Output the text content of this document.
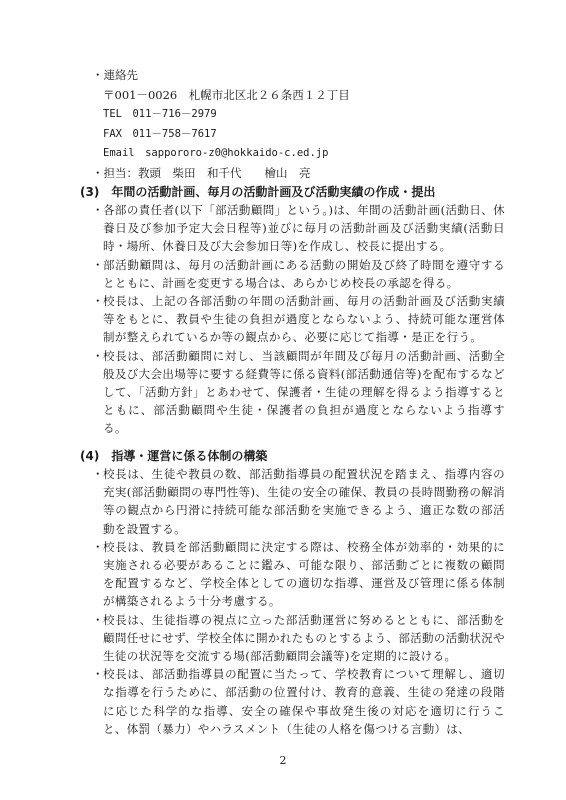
・連絡先
〒001－0026　札幌市北区北２６条西１２丁目
TEL　011－716－2979
FAX　011－758－7617
Email　sappororo-z0@hokkaido-c.ed.jp
・担当：教頭　柴田　和千代　　檜山　亮
(3)　年間の活動計画、毎月の活動計画及び活動実績の作成・提出
・ 各部の責任者(以下「部活動顧問」という。)は、年間の活動計画(活動日、休養日及び参加予定大会日程等)並びに毎月の活動計画及び活動実績(活動日時・場所、休養日及び大会参加日等)を作成し、校長に提出する。
・ 部活動顧問は、毎月の活動計画にある活動の開始及び終了時間を遵守するとともに、計画を変更する場合は、あらかじめ校長の承認を得る。
・ 校長は、上記の各部活動の年間の活動計画、毎月の活動計画及び活動実績等をもとに、教員や生徒の負担が過度とならないよう、持続可能な運営体制が整えられているか等の観点から、必要に応じて指導・是正を行う。
・ 校長は、部活動顧問に対し、当該顧問が年間及び毎月の活動計画、活動全般及び大会出場等に要する経費等に係る資料(部活動通信等)を配布するなどして、「活動方針」とあわせて、保護者・生徒の理解を得るよう指導するとともに、部活動顧問や生徒・保護者の負担が過度とならないよう指導する。
(4)　指導・運営に係る体制の構築
・ 校長は、生徒や教員の数、部活動指導員の配置状況を踏まえ、指導内容の充実(部活動顧問の専門性等)、生徒の安全の確保、教員の長時間勤務の解消等の観点から円滑に持続可能な部活動を実施できるよう、適正な数の部活動を設置する。
・ 校長は、教員を部活動顧問に決定する際は、校務全体が効率的・効果的に実施される必要があることに鑑み、可能な限り、部活動ごとに複数の顧問を配置するなど、学校全体としての適切な指導、運営及び管理に係る体制が構築されるよう十分考慮する。
・ 校長は、生徒指導の視点に立った部活動運営に努めるとともに、部活動を顧問任せにせず、学校全体に開かれたものとするよう、部活動の活動状況や生徒の状況等を交流する場(部活動顧問会議等)を定期的に設ける。
・ 校長は、部活動指導員の配置に当たって、学校教育について理解し、適切な指導を行うために、部活動の位置付け、教育的意義、生徒の発達の段階に応じた科学的な指導、安全の確保や事故発生後の対応を適切に行うこと、体罰（暴力）やハラスメント（生徒の人格を傷つける言動）は、
2
